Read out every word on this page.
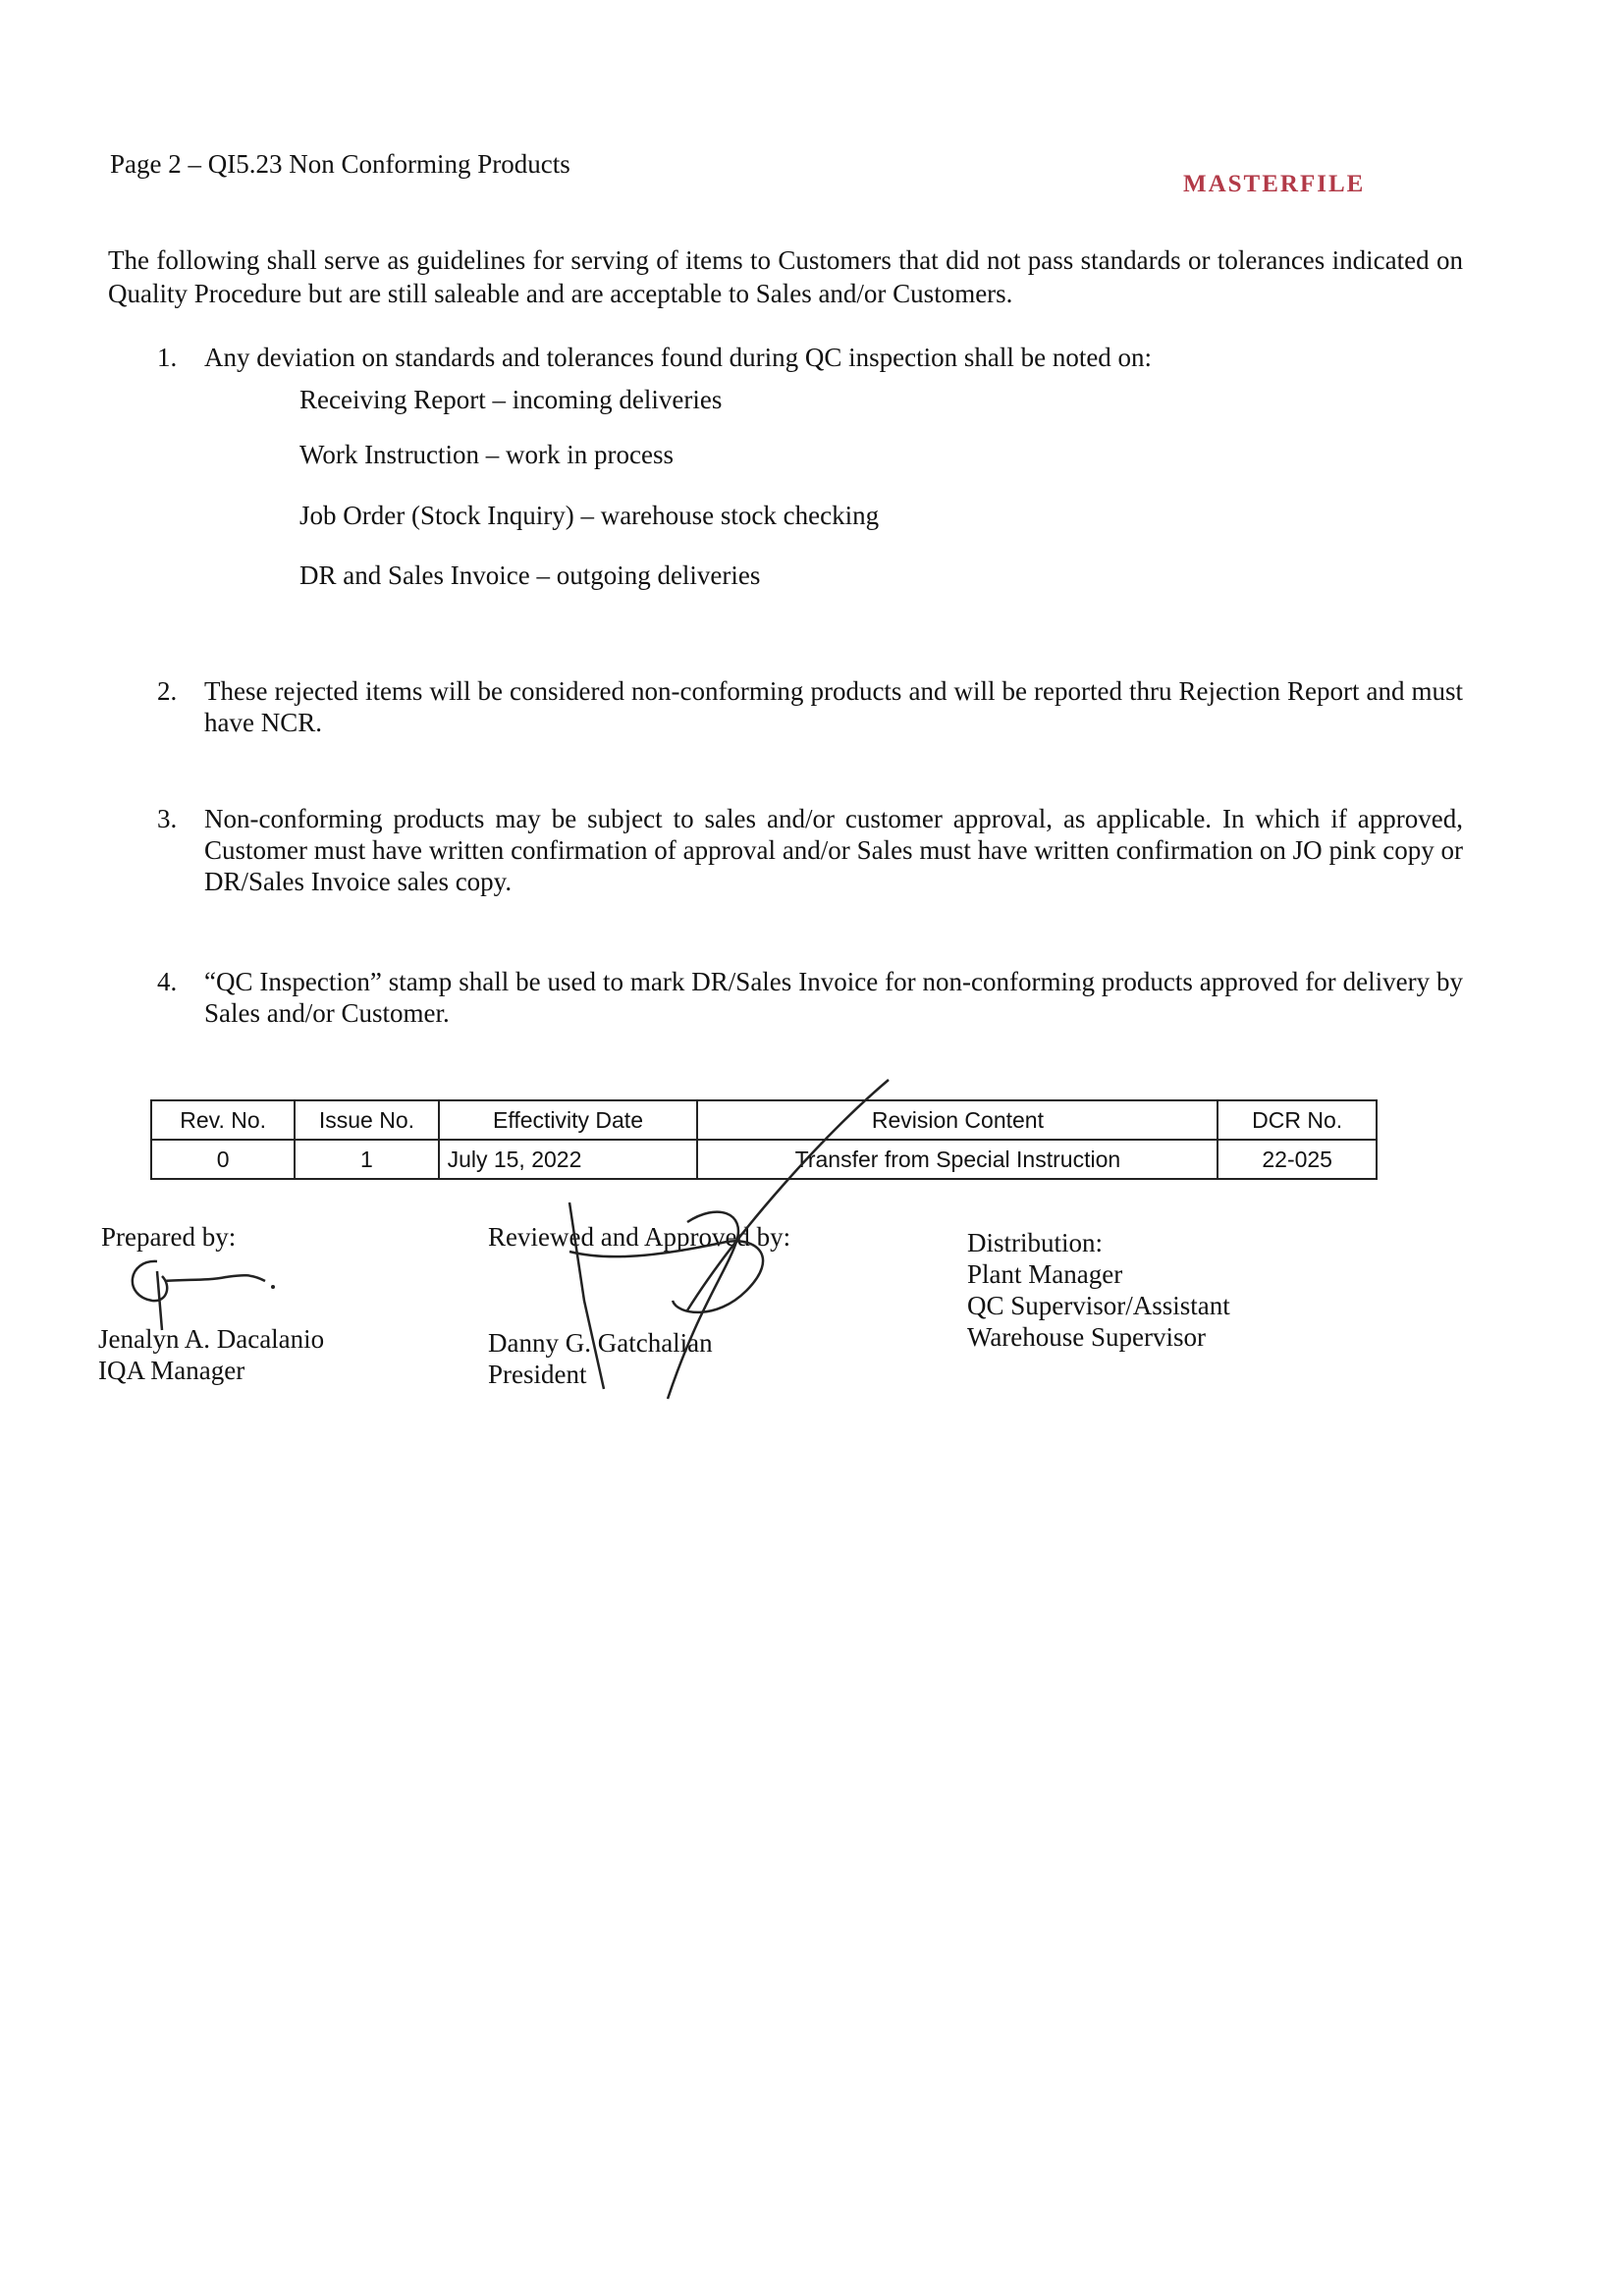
Page 2 – QI5.23 Non Conforming Products
MASTERFILE
The following shall serve as guidelines for serving of items to Customers that did not pass standards or tolerances indicated on Quality Procedure but are still saleable and are acceptable to Sales and/or Customers.
1.	Any deviation on standards and tolerances found during QC inspection shall be noted on:
Receiving Report – incoming deliveries
Work Instruction – work in process
Job Order (Stock Inquiry) – warehouse stock checking
DR and Sales Invoice – outgoing deliveries
2.	These rejected items will be considered non-conforming products and will be reported thru Rejection Report and must have NCR.
3.	Non-conforming products may be subject to sales and/or customer approval, as applicable. In which if approved, Customer must have written confirmation of approval and/or Sales must have written confirmation on JO pink copy or DR/Sales Invoice sales copy.
4.	“QC Inspection” stamp shall be used to mark DR/Sales Invoice for non-conforming products approved for delivery by Sales and/or Customer.
Rev. No.	Issue No.	Effectivity Date	Revision Content	DCR No.
0	1	July 15, 2022	Transfer from Special Instruction	22-025
Prepared by:
Jenalyn A. Dacalanio
IQA Manager
Reviewed and Approved by:
Danny G. Gatchalian
President
Distribution:
Plant Manager
QC Supervisor/Assistant
Warehouse Supervisor
